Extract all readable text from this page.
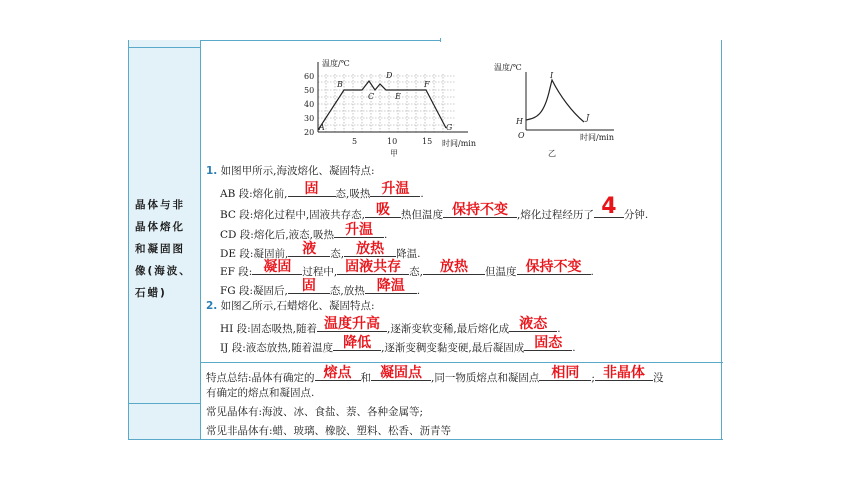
晶体与非
晶体熔化
和凝固图
像(海波、
石蜡)
温度/℃
60
50
40
30
20
5	10	15 时间/min
甲
A
B
C
D
E
F
G
温度/℃
时间/min
乙
H
I
J
O
1. 如图甲所示,海波熔化、凝固特点:
AB 段:熔化前,	固	态,吸热 升温	.
BC 段:熔化过程中,固液共存态, 吸	热但温度 保持不变 ,熔化过程经历了 4 分钟.
CD 段:熔化后,液态,吸热 升温	.
DE 段:凝固前,	液	态, 放热	降温.
EF 段: 凝固	过程中, 固液共存 态,	放热	但温度 保持不变 .
FG 段:凝固后,	固	态,放热 降温	.
2. 如图乙所示,石蜡熔化、凝固特点:
HI 段:固态吸热,随着 温度升高 ,逐渐变软变稀,最后熔化成 液态 .
IJ 段:液态放热,随着温度 降低 ,逐渐变稠变黏变硬,最后凝固成 固态 .
特点总结:晶体有确定的 熔点 和 凝固点 ,同一物质熔点和凝固点 相同	; 非晶体 没
有确定的熔点和凝固点.
常见晶体有:海波、冰、食盐、萘、各种金属等;
常见非晶体有:蜡、玻璃、橡胶、塑料、松香、沥青等
